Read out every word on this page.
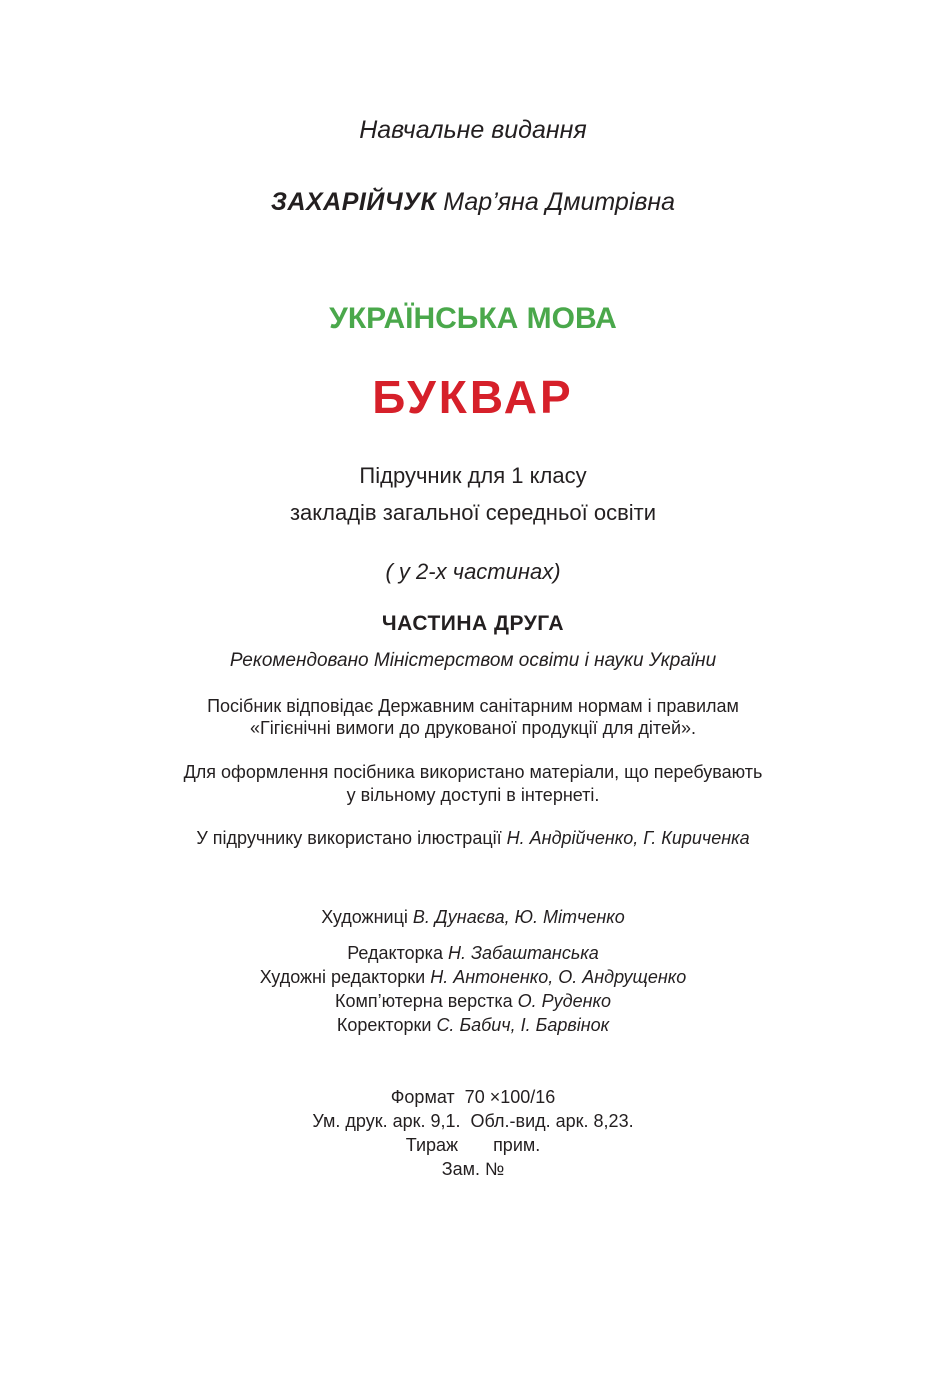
Навчальне видання
ЗАХАРІЙЧУК Мар’яна Дмитрівна
УКРАЇНСЬКА МОВА
БУКВАР
Підручник для 1 класу
закладів загальної середньої освіти
( у 2-х частинах)
ЧАСТИНА ДРУГА
Рекомендовано Міністерством освіти і науки України
Посібник відповідає Державним санітарним нормам і правилам
«Гігієнічні вимоги до друкованої продукції для дітей».
Для оформлення посібника використано матеріали, що перебувають
у вільному доступі в інтернеті.
У підручнику використано ілюстрації Н. Андрійченко, Г. Кириченка
Художниці В. Дунаєва, Ю. Мітченко
Редакторка Н. Забаштанська
Художні редакторки Н. Антоненко, О. Андрущенко
Комп’ютерна верстка О. Руденко
Коректорки С. Бабич, І. Барвінок
Формат  70 ×100/16
Ум. друк. арк. 9,1.  Обл.-вид. арк. 8,23.
Тираж       прим.
Зам. №
